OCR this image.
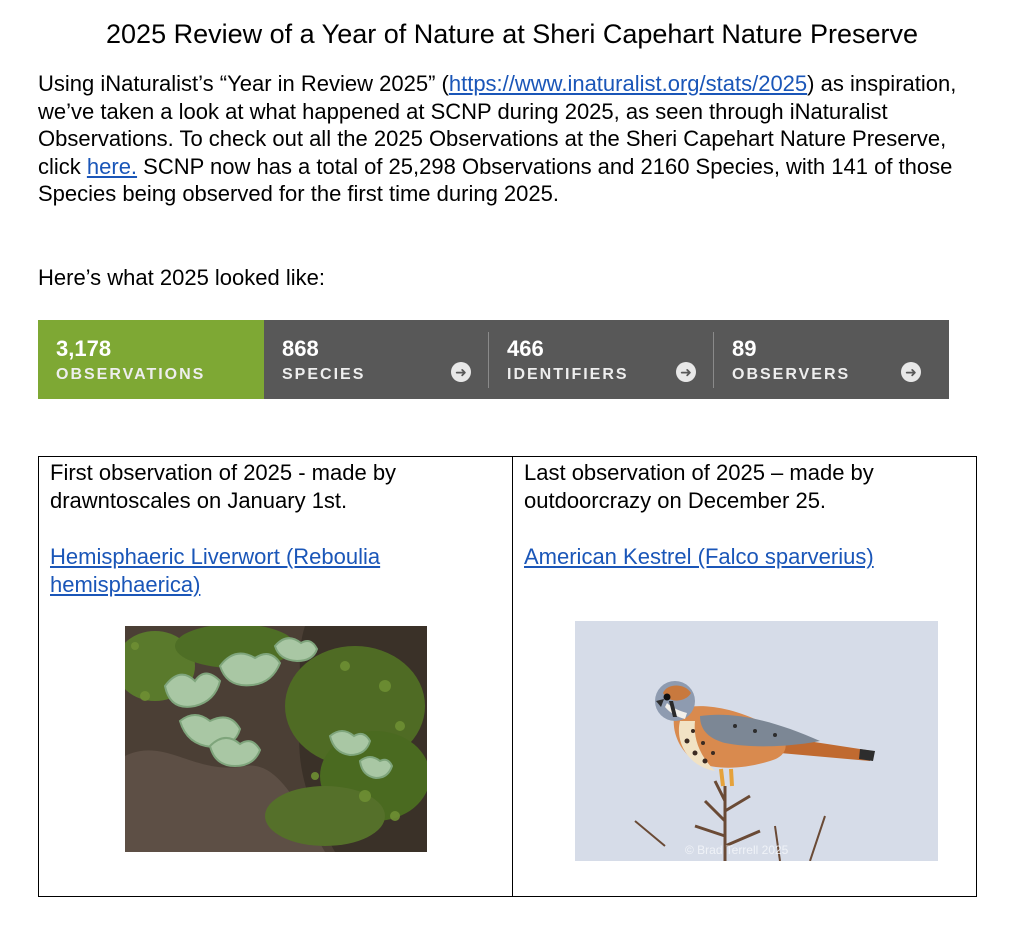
2025 Review of a Year of Nature at Sheri Capehart Nature Preserve

Using iNaturalist’s “Year in Review 2025” (https://www.inaturalist.org/stats/2025) as inspiration, we’ve taken a look at what happened at SCNP during 2025, as seen through iNaturalist Observations. To check out all the 2025 Observations at the Sheri Capehart Nature Preserve, click here. SCNP now has a total of 25,298 Observations and 2160 Species, with 141 of those Species being observed for the first time during 2025.

Here’s what 2025 looked like:

3,178
OBSERVATIONS
868
SPECIES	➜
466
IDENTIFIERS	➜
89
OBSERVERS	➜

First observation of 2025 - made by drawntoscales on January 1st.

Hemisphaeric Liverwort (Reboulia hemisphaerica)

Last observation of 2025 – made by outdoorcrazy on December 25.

American Kestrel (Falco sparverius)

© Brad Terrell 2025
